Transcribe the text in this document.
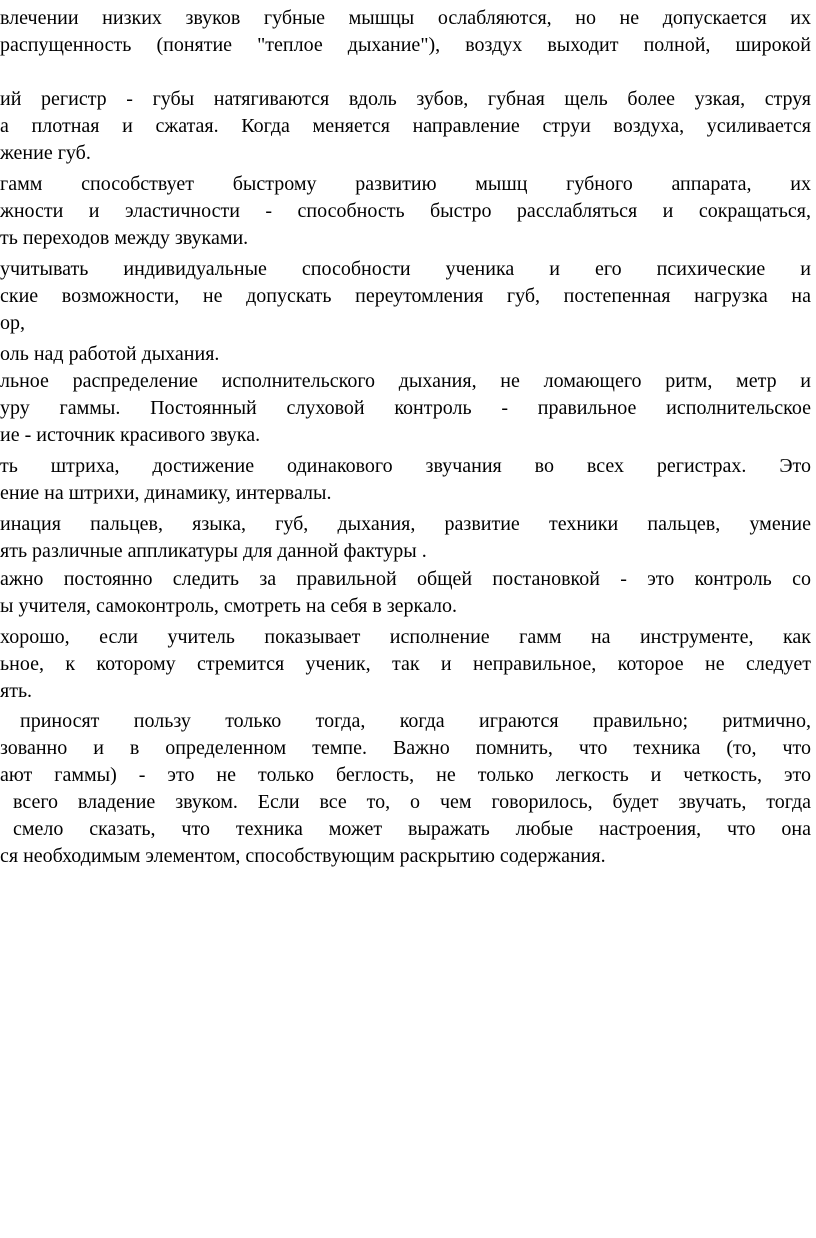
влечении низких звуков губные мышцы ослабляются, но не допускается их
распущенность (понятие "теплое дыхание"), воздух выходит полной, широкой
ий регистр - губы натягиваются вдоль зубов, губная щель более узкая, струя
а плотная и сжатая. Когда меняется направление струи воздуха, усиливается
жение губ.
гамм способствует быстрому развитию мышц губного аппарата, их
жности и эластичности - способность быстро расслабляться и сокращаться,
ть переходов между звуками.
учитывать индивидуальные способности ученика и его психические и
ские возможности, не допускать переутомления губ, постепенная нагрузка на
ор,
оль над работой дыхания.
льное распределение исполнительского дыхания, не ломающего ритм, метр и
уру гаммы. Постоянный слуховой контроль - правильное исполнительское
ие - источник красивого звука.
ть штриха, достижение одинакового звучания во всех регистрах. Это
ение на штрихи, динамику, интервалы.
инация пальцев, языка, губ, дыхания, развитие техники пальцев, умение
ять различные аппликатуры для данной фактуры .
ажно постоянно следить за правильной общей постановкой - это контроль со
ы учителя, самоконтроль, смотреть на себя в зеркало.
хорошо, если учитель показывает исполнение гамм на инструменте, как
ьное, к которому стремится ученик, так и неправильное, которое не следует
ять.
приносят пользу только тогда, когда играются правильно; ритмично,
зованно и в определенном темпе. Важно помнить, что техника (то, что
ают гаммы) - это не только беглость, не только легкость и четкость, это
всего владение звуком. Если все то, о чем говорилось, будет звучать, тогда
смело сказать, что техника может выражать любые настроения, что она
ся необходимым элементом, способствующим раскрытию содержания.
